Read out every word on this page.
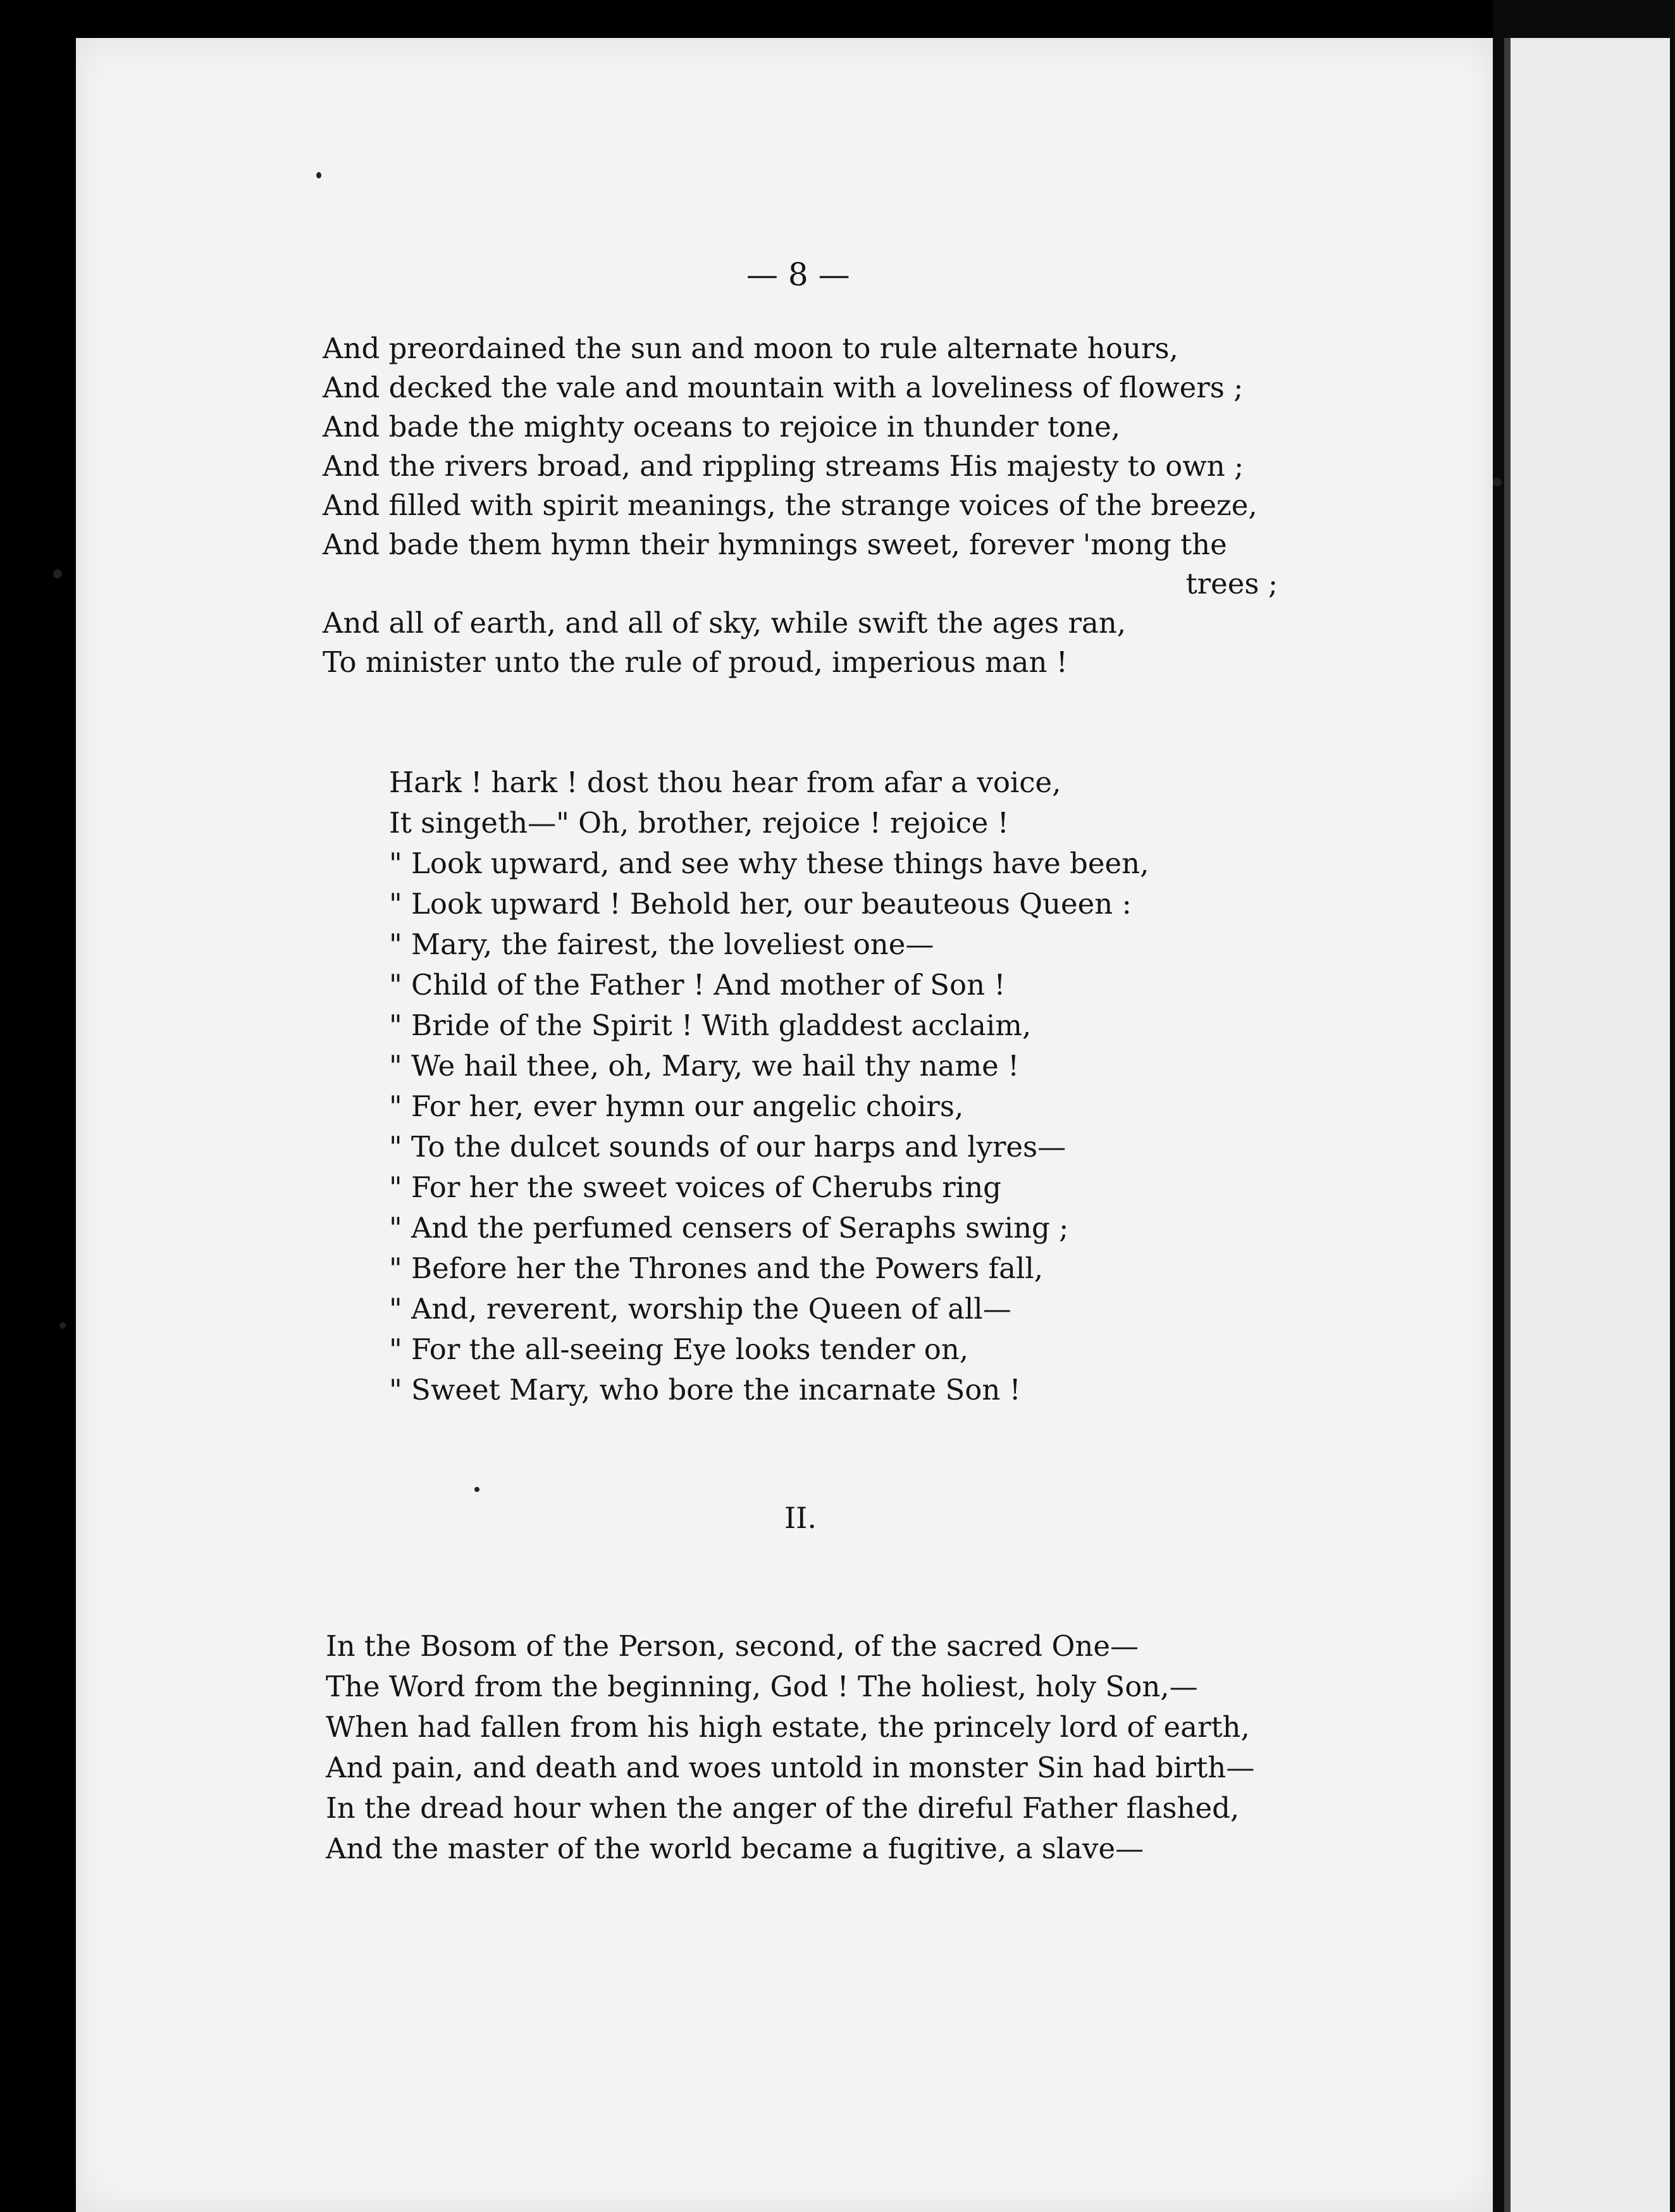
— 8 —
And preordained the sun and moon to rule alternate hours,
And decked the vale and mountain with a loveliness of flowers ;
And bade the mighty oceans to rejoice in thunder tone,
And the rivers broad, and rippling streams His majesty to own ;
And filled with spirit meanings, the strange voices of the breeze,
And bade them hymn their hymnings sweet, forever 'mong the
trees ;
And all of earth, and all of sky, while swift the ages ran,
To minister unto the rule of proud, imperious man !
Hark ! hark ! dost thou hear from afar a voice,
It singeth—" Oh, brother, rejoice ! rejoice !
" Look upward, and see why these things have been,
" Look upward ! Behold her, our beauteous Queen :
" Mary, the fairest, the loveliest one—
" Child of the Father ! And mother of Son !
" Bride of the Spirit ! With gladdest acclaim,
" We hail thee, oh, Mary, we hail thy name !
" For her, ever hymn our angelic choirs,
" To the dulcet sounds of our harps and lyres—
" For her the sweet voices of Cherubs ring
" And the perfumed censers of Seraphs swing ;
" Before her the Thrones and the Powers fall,
" And, reverent, worship the Queen of all—
" For the all-seeing Eye looks tender on,
" Sweet Mary, who bore the incarnate Son !
II.
In the Bosom of the Person, second, of the sacred One—
The Word from the beginning, God ! The holiest, holy Son,—
When had fallen from his high estate, the princely lord of earth,
And pain, and death and woes untold in monster Sin had birth—
In the dread hour when the anger of the direful Father flashed,
And the master of the world became a fugitive, a slave—
